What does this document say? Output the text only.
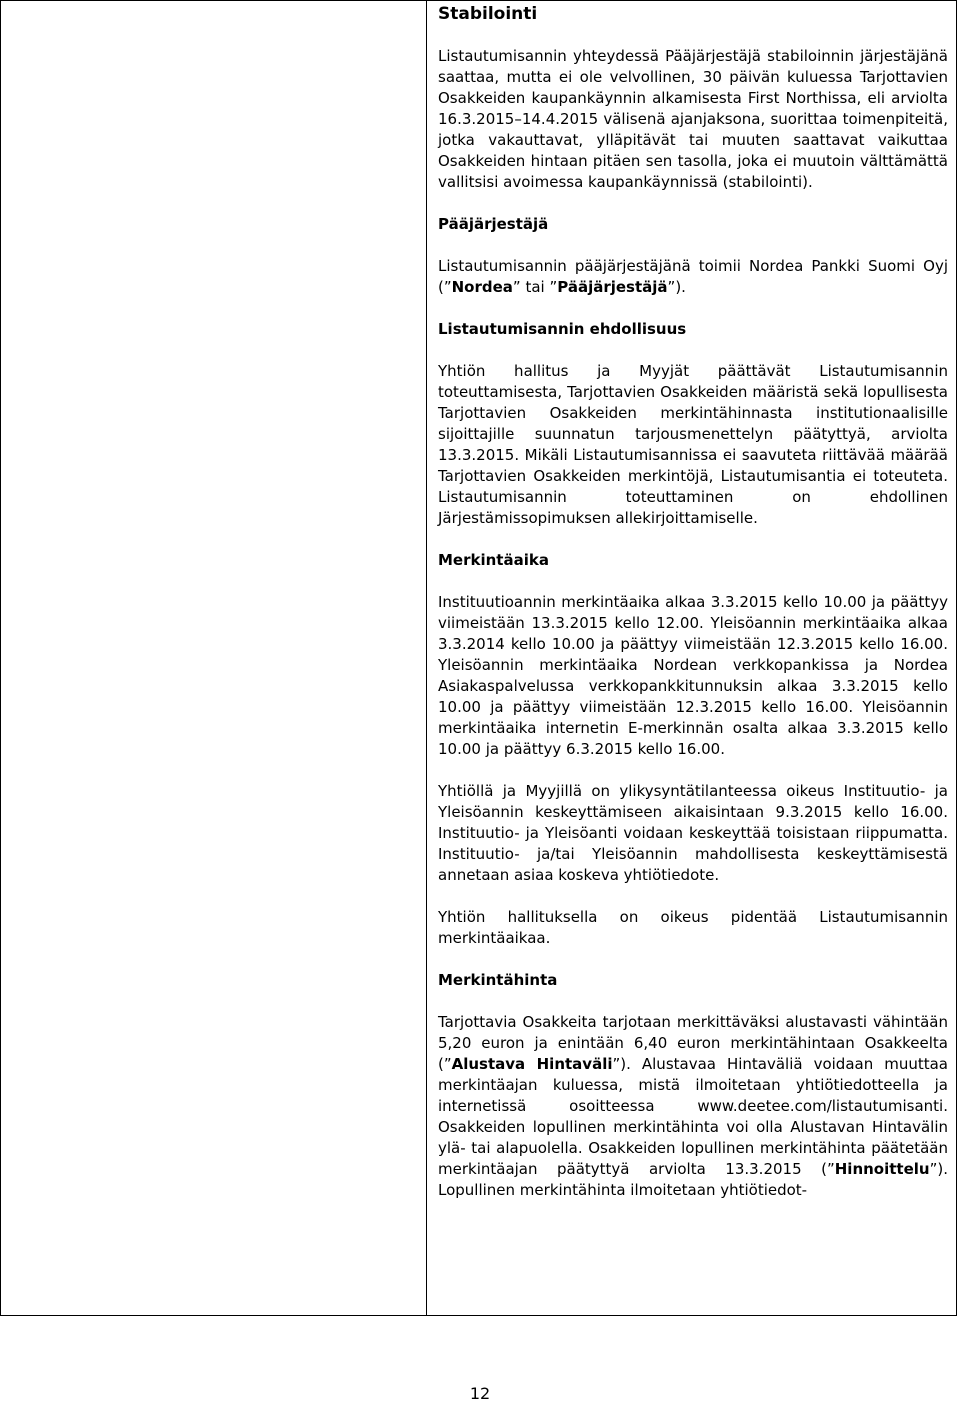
Stabilointi

Listautumisannin yhteydessä Pääjärjestäjä stabiloinnin järjestäjänä saattaa, mutta ei ole velvollinen, 30 päivän kuluessa Tarjottavien Osakkeiden kaupankäynnin alkamisesta First Northissa, eli arviolta 16.3.2015–14.4.2015 välisenä ajanjaksona, suorittaa toimenpiteitä, jotka vakauttavat, ylläpitävät tai muuten saattavat vaikuttaa Osakkeiden hintaan pitäen sen tasolla, joka ei muutoin välttämättä vallitsisi avoimessa kaupankäynnissä (stabilointi).

Pääjärjestäjä

Listautumisannin pääjärjestäjänä toimii Nordea Pankki Suomi Oyj (”Nordea” tai ”Pääjärjestäjä”).

Listautumisannin ehdollisuus

Yhtiön hallitus ja Myyjät päättävät Listautumisannin toteuttamisesta, Tarjottavien Osakkeiden määristä sekä lopullisesta Tarjottavien Osakkeiden merkintähinnasta institutionaalisille sijoittajille suunnatun tarjousmenettelyn päätyttyä, arviolta 13.3.2015. Mikäli Listautumisannissa ei saavuteta riittävää määrää Tarjottavien Osakkeiden merkintöjä, Listautumisantia ei toteuteta. Listautumisannin toteuttaminen on ehdollinen Järjestämissopimuksen allekirjoittamiselle.

Merkintäaika

Instituutioannin merkintäaika alkaa 3.3.2015 kello 10.00 ja päättyy viimeistään 13.3.2015 kello 12.00. Yleisöannin merkintäaika alkaa 3.3.2014 kello 10.00 ja päättyy viimeistään 12.3.2015 kello 16.00. Yleisöannin merkintäaika Nordean verkkopankissa ja Nordea Asiakaspalvelussa verkkopankkitunnuksin alkaa 3.3.2015 kello 10.00 ja päättyy viimeistään 12.3.2015 kello 16.00. Yleisöannin merkintäaika internetin E-merkinnän osalta alkaa 3.3.2015 kello 10.00 ja päättyy 6.3.2015 kello 16.00.

Yhtiöllä ja Myyjillä on ylikysyntätilanteessa oikeus Instituutio- ja Yleisöannin keskeyttämiseen aikaisintaan 9.3.2015 kello 16.00. Instituutio- ja Yleisöanti voidaan keskeyttää toisistaan riippumatta. Instituutio- ja/tai Yleisöannin mahdollisesta keskeyttämisestä annetaan asiaa koskeva yhtiötiedote.

Yhtiön hallituksella on oikeus pidentää Listautumisannin merkintäaikaa.

Merkintähinta

Tarjottavia Osakkeita tarjotaan merkittäväksi alustavasti vähintään 5,20 euron ja enintään 6,40 euron merkintähintaan Osakkeelta (”Alustava Hintaväli”). Alustavaa Hintaväliä voidaan muuttaa merkintäajan kuluessa, mistä ilmoitetaan yhtiötiedotteella ja internetissä osoitteessa www.deetee.com/listautumisanti. Osakkeiden lopullinen merkintähinta voi olla Alustavan Hintavälin ylä- tai alapuolella. Osakkeiden lopullinen merkintähinta päätetään merkintäajan päätyttyä arviolta 13.3.2015 (”Hinnoittelu”). Lopullinen merkintähinta ilmoitetaan yhtiötiedot-

12
